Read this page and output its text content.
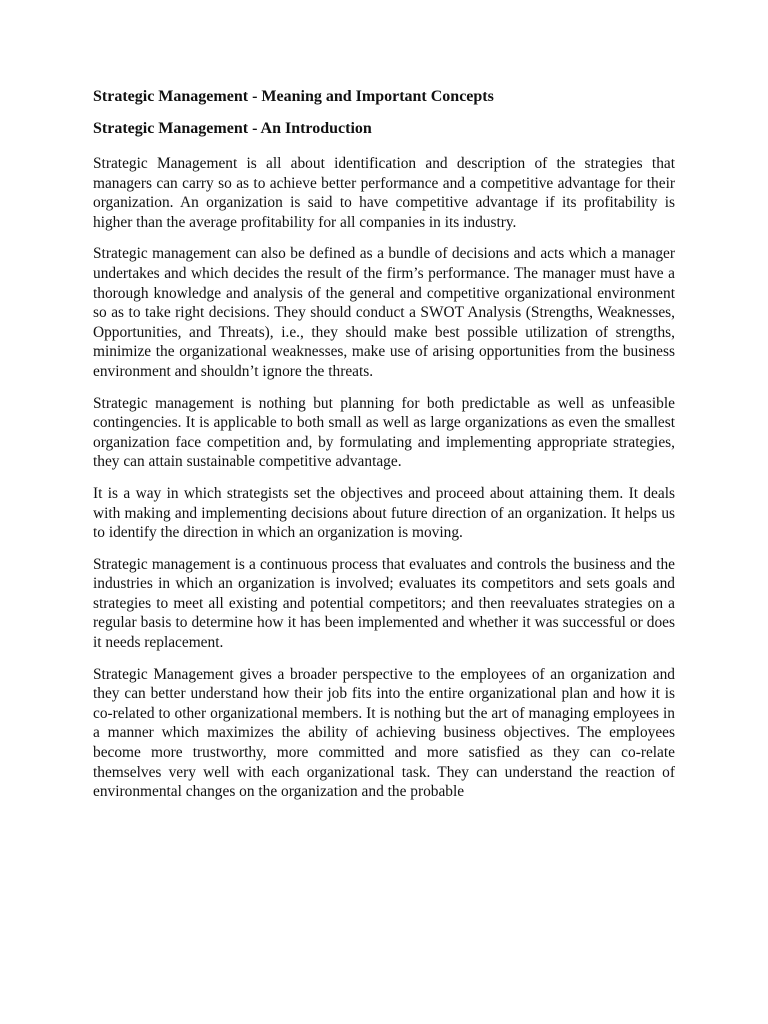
Strategic Management - Meaning and Important Concepts
Strategic Management - An Introduction

Strategic Management is all about identification and description of the strategies that managers can carry so as to achieve better performance and a competitive advantage for their organization. An organization is said to have competitive advantage if its profitability is higher than the average profitability for all companies in its industry.

Strategic management can also be defined as a bundle of decisions and acts which a manager undertakes and which decides the result of the firm’s performance. The manager must have a thorough knowledge and analysis of the general and competitive organizational environment so as to take right decisions. They should conduct a SWOT Analysis (Strengths, Weaknesses, Opportunities, and Threats), i.e., they should make best possible utilization of strengths, minimize the organizational weaknesses, make use of arising opportunities from the business environment and shouldn’t ignore the threats.

Strategic management is nothing but planning for both predictable as well as unfeasible contingencies. It is applicable to both small as well as large organizations as even the smallest organization face competition and, by formulating and implementing appropriate strategies, they can attain sustainable competitive advantage.

It is a way in which strategists set the objectives and proceed about attaining them. It deals with making and implementing decisions about future direction of an organization. It helps us to identify the direction in which an organization is moving.

Strategic management is a continuous process that evaluates and controls the business and the industries in which an organization is involved; evaluates its competitors and sets goals and strategies to meet all existing and potential competitors; and then reevaluates strategies on a regular basis to determine how it has been implemented and whether it was successful or does it needs replacement.

Strategic Management gives a broader perspective to the employees of an organization and they can better understand how their job fits into the entire organizational plan and how it is co-related to other organizational members. It is nothing but the art of managing employees in a manner which maximizes the ability of achieving business objectives. The employees become more trustworthy, more committed and more satisfied as they can co-relate themselves very well with each organizational task. They can understand the reaction of environmental changes on the organization and the probable
